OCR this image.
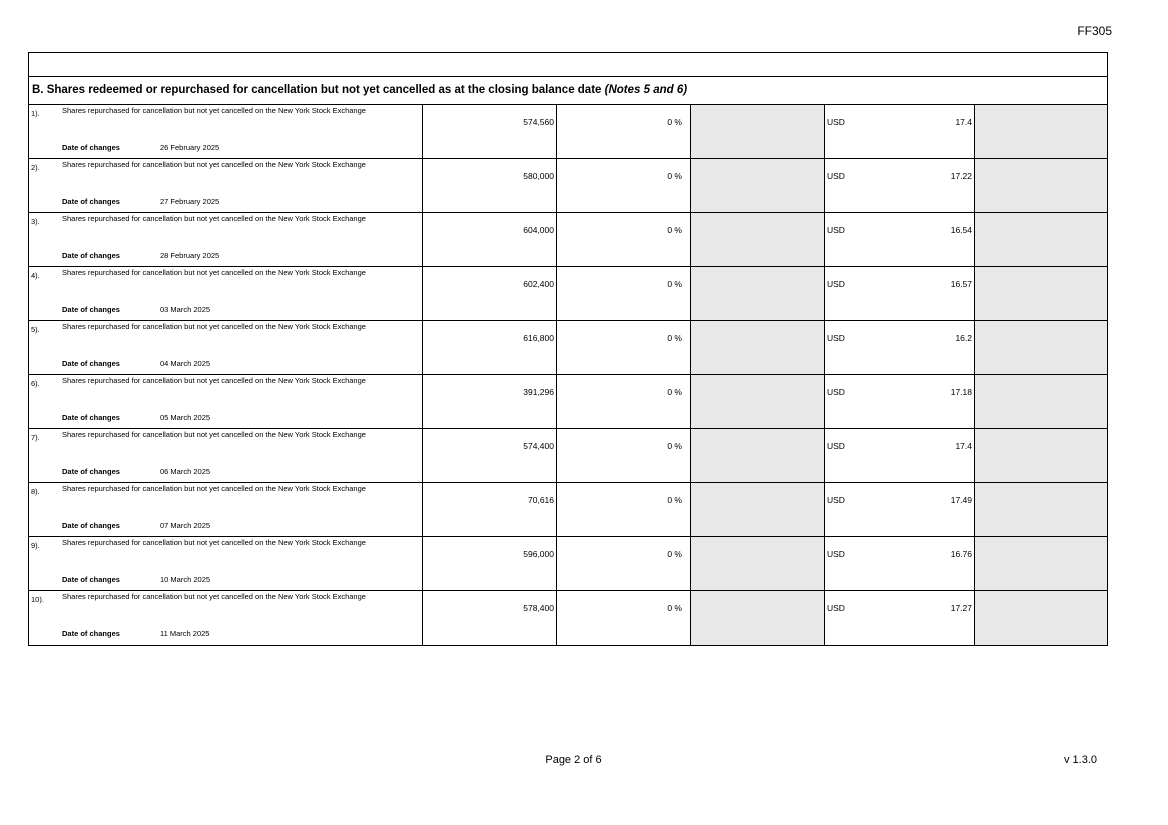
FF305
B. Shares redeemed or repurchased for cancellation but not yet cancelled as at the closing balance date (Notes 5 and 6)
1).	Shares repurchased for cancellation but not yet cancelled on the New York Stock Exchange
Date of changes	26 February 2025
574,560	0 %	USD	17.4
2).	Shares repurchased for cancellation but not yet cancelled on the New York Stock Exchange
Date of changes	27 February 2025
580,000	0 %	USD	17.22
3).	Shares repurchased for cancellation but not yet cancelled on the New York Stock Exchange
Date of changes	28 February 2025
604,000	0 %	USD	16.54
4).	Shares repurchased for cancellation but not yet cancelled on the New York Stock Exchange
Date of changes	03 March 2025
602,400	0 %	USD	16.57
5).	Shares repurchased for cancellation but not yet cancelled on the New York Stock Exchange
Date of changes	04 March 2025
616,800	0 %	USD	16.2
6).	Shares repurchased for cancellation but not yet cancelled on the New York Stock Exchange
Date of changes	05 March 2025
391,296	0 %	USD	17.18
7).	Shares repurchased for cancellation but not yet cancelled on the New York Stock Exchange
Date of changes	06 March 2025
574,400	0 %	USD	17.4
8).	Shares repurchased for cancellation but not yet cancelled on the New York Stock Exchange
Date of changes	07 March 2025
70,616	0 %	USD	17.49
9).	Shares repurchased for cancellation but not yet cancelled on the New York Stock Exchange
Date of changes	10 March 2025
596,000	0 %	USD	16.76
10). Shares repurchased for cancellation but not yet cancelled on the New York Stock Exchange
Date of changes	11 March 2025
578,400	0 %	USD	17.27
Page 2 of 6	v 1.3.0
